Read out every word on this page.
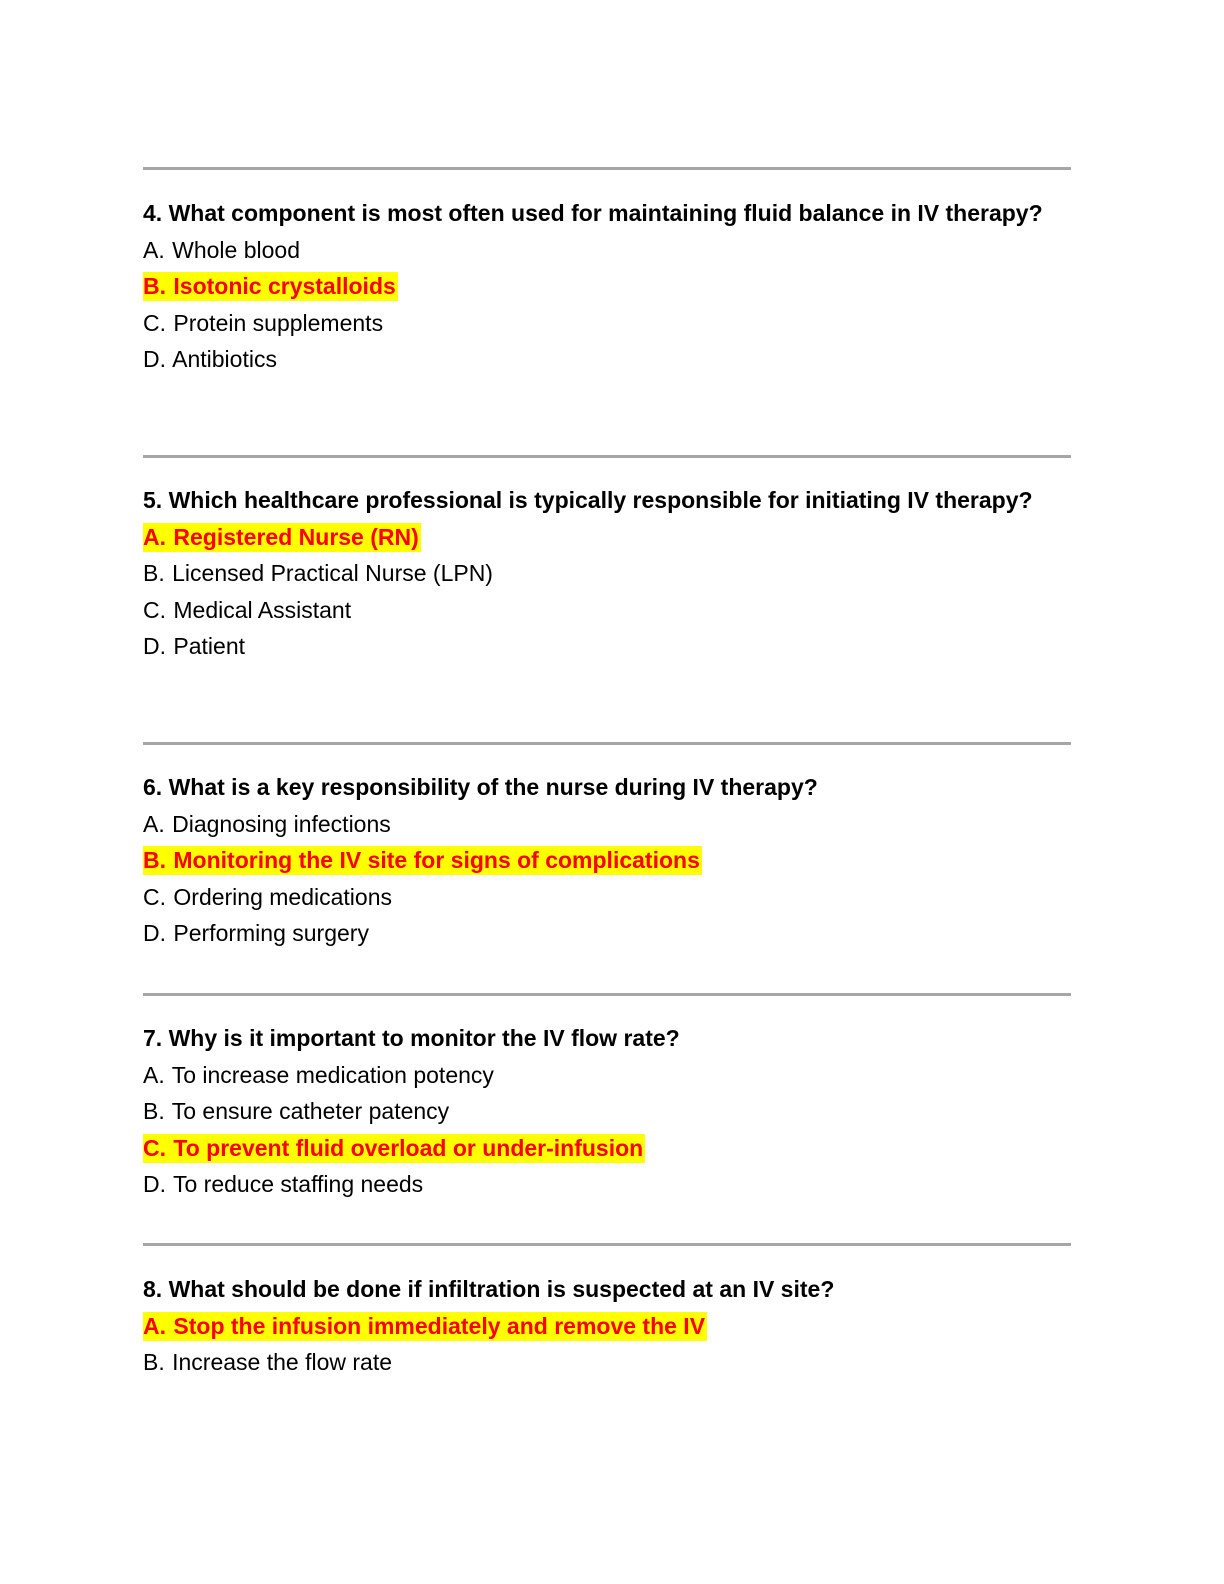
4. What component is most often used for maintaining fluid balance in IV therapy?

A. Whole blood

B. Isotonic crystalloids

C. Protein supplements

D. Antibiotics

5. Which healthcare professional is typically responsible for initiating IV therapy?

A. Registered Nurse (RN)

B. Licensed Practical Nurse (LPN)

C. Medical Assistant

D. Patient

6. What is a key responsibility of the nurse during IV therapy?

A. Diagnosing infections

B. Monitoring the IV site for signs of complications

C. Ordering medications

D. Performing surgery

7. Why is it important to monitor the IV flow rate?

A. To increase medication potency

B. To ensure catheter patency

C. To prevent fluid overload or under-infusion

D. To reduce staffing needs

8. What should be done if infiltration is suspected at an IV site?

A. Stop the infusion immediately and remove the IV

B. Increase the flow rate
